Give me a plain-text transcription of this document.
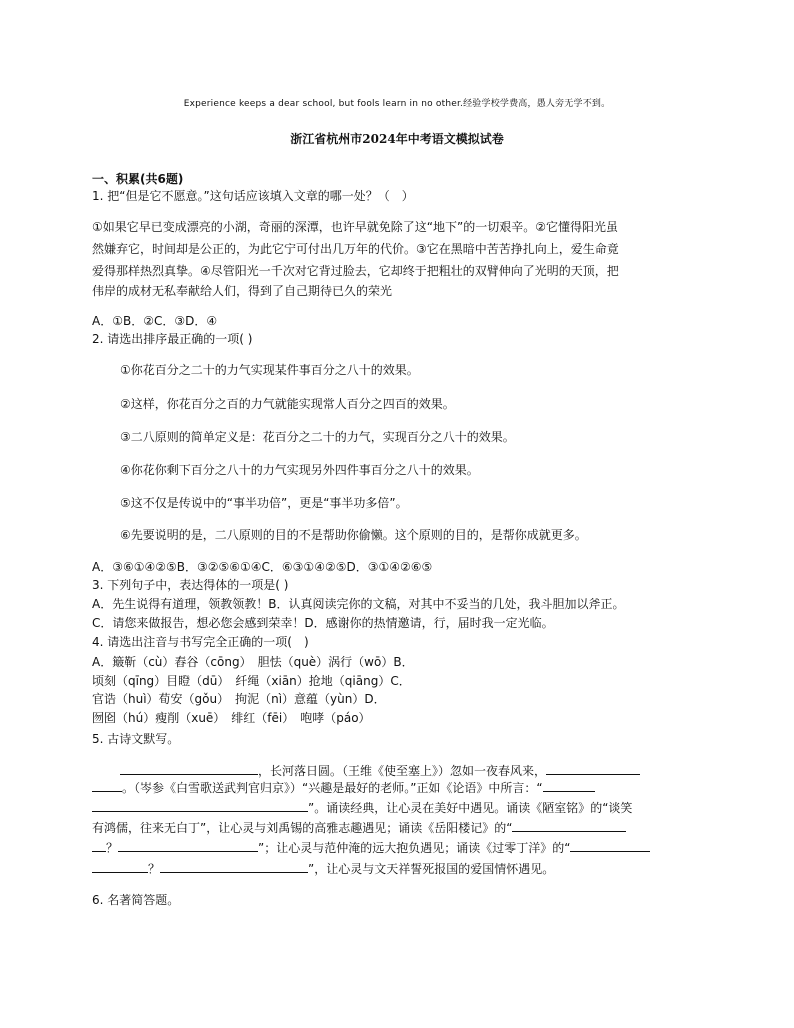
Experience keeps a dear school, but fools learn in no other.经验学校学费高，愚人旁无学不到。
浙江省杭州市2024年中考语文模拟试卷
一、积累(共6题)
1. 把“但是它不愿意。”这句话应该填入文章的哪一处？（　）
①如果它早已变成漂亮的小湖，奇丽的深潭，也许早就免除了这“地下”的一切艰辛。②它懂得阳光虽
然嫌弃它，时间却是公正的，为此它宁可付出几万年的代价。③它在黑暗中苦苦挣扎向上，爱生命竟
爱得那样热烈真挚。④尽管阳光一千次对它背过脸去，它却终于把粗壮的双臂伸向了光明的天顶，把
伟岸的成材无私奉献给人们，得到了自己期待已久的荣光
A．①B．②C．③D．④
2. 请选出排序最正确的一项( )
①你花百分之二十的力气实现某件事百分之八十的效果。
②这样，你花百分之百的力气就能实现常人百分之四百的效果。
③二八原则的简单定义是：花百分之二十的力气，实现百分之八十的效果。
④你花你剩下百分之八十的力气实现另外四件事百分之八十的效果。
⑤这不仅是传说中的“事半功倍”，更是“事半功多倍”。
⑥先要说明的是，二八原则的目的不是帮助你偷懒。这个原则的目的，是帮你成就更多。
A．③⑥①④②⑤B．③②⑤⑥①④C．⑥③①④②⑤D．③①④②⑥⑤
3. 下列句子中，表达得体的一项是( )
A．先生说得有道理，领教领教！B．认真阅读完你的文稿，对其中不妥当的几处，我斗胆加以斧正。
C．请您来做报告，想必您会感到荣幸！D．感谢你的热情邀请，行，届时我一定光临。
4. 请选出注音与书写完全正确的一项(　)
A．簸靳（cù）舂谷（cōng）　胆怯（què）涡行（wō）B．
顷刻（qīng）目瞪（dū）　纤绳（xiān）抢地（qiāng）C．
官诰（huì）荀安（gǒu）　拘泥（nì）意蕴（yùn）D．
囫囵（hú）瘦削（xuē）　绯红（fēi）　咆哮（páo）
5. 古诗文默写。
，长河落日圆。（王维《使至塞上》）忽如一夜春风来，
。（岑参《白雪歌送武判官归京》）“兴趣是最好的老师。”正如《论语》中所言：“
”。诵读经典，让心灵在美好中遇见。诵读《陋室铭》的“谈笑
有鸿儒，往来无白丁”，让心灵与刘禹锡的高雅志趣遇见；诵读《岳阳楼记》的“
？	”；让心灵与范仲淹的远大抱负遇见；诵读《过零丁洋》的“
？	”，让心灵与文天祥誓死报国的爱国情怀遇见。
6. 名著简答题。
